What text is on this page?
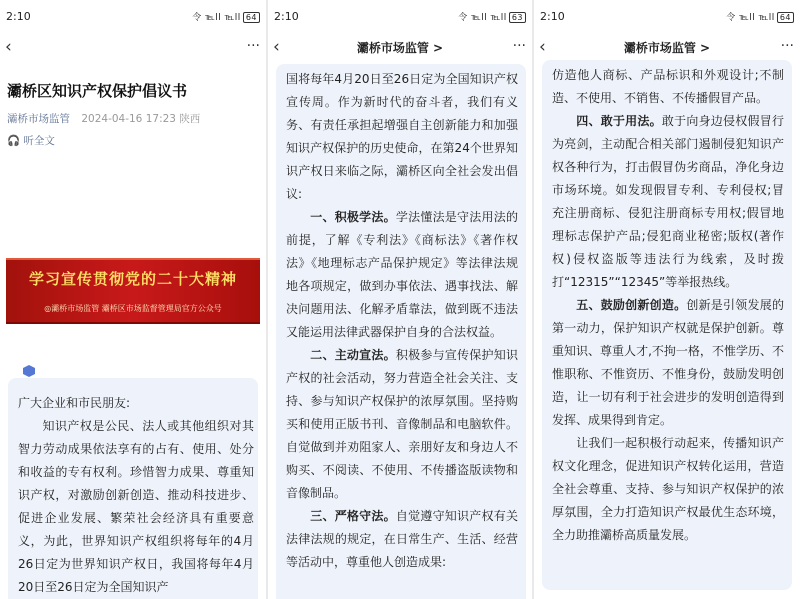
2:10	令 ℡ll ℡ll 64
‹	···
灞桥区知识产权保护倡议书
灞桥市场监管 2024-04-16 17:23 陕西
🎧 听全文
学习宣传贯彻党的二十大精神
◎灞桥市场监管 灞桥区市场监督管理局官方公众号
广大企业和市民朋友:
知识产权是公民、法人或其他组织对其智力劳动成果依法享有的占有、使用、处分和收益的专有权利。珍惜智力成果、尊重知识产权，对激励创新创造、推动科技进步、促进企业发展、繁荣社会经济具有重要意义，为此，世界知识产权组织将每年的4月26日定为世界知识产权日，我国将每年4月20日至26日定为全国知识产
2:10	令 ℡ll ℡ll 63
‹	灞桥市场监管 >	···
国将每年4月20日至26日定为全国知识产权宣传周。作为新时代的奋斗者，我们有义务、有责任承担起增强自主创新能力和加强知识产权保护的历史使命，在第24个世界知识产权日来临之际，灞桥区向全社会发出倡议:
一、积极学法。学法懂法是守法用法的前提，了解《专利法》《商标法》《著作权法》《地理标志产品保护规定》等法律法规地各项规定，做到办事依法、遇事找法、解决问题用法、化解矛盾靠法，做到既不违法又能运用法律武器保护自身的合法权益。
二、主动宣法。积极参与宣传保护知识产权的社会活动，努力营造全社会关注、支持、参与知识产权保护的浓厚氛围。坚持购买和使用正版书刊、音像制品和电脑软件。自觉做到并劝阻家人、亲朋好友和身边人不购买、不阅读、不使用、不传播盗版读物和音像制品。
三、严格守法。自觉遵守知识产权有关法律法规的规定，在日常生产、生活、经营等活动中，尊重他人创造成果:
2:10	令 ℡ll ℡ll 64
‹	灞桥市场监管 >	···
仿造他人商标、产品标识和外观设计;不制造、不使用、不销售、不传播假冒产品。
四、敢于用法。敢于向身边侵权假冒行为亮剑，主动配合相关部门遏制侵犯知识产权各种行为，打击假冒伪劣商品，净化身边市场环境。如发现假冒专利、专利侵权;冒充注册商标、侵犯注册商标专用权;假冒地理标志保护产品;侵犯商业秘密;版权(著作权)侵权盗版等违法行为线索，及时拨打“12315”“12345”等举报热线。
五、鼓励创新创造。创新是引领发展的第一动力，保护知识产权就是保护创新。尊重知识、尊重人才,不拘一格，不惟学历、不惟职称、不惟资历、不惟身份，鼓励发明创造，让一切有利于社会进步的发明创造得到发挥、成果得到肯定。
让我们一起积极行动起来，传播知识产权文化理念，促进知识产权转化运用，营造全社会尊重、支持、参与知识产权保护的浓厚氛围，全力打造知识产权最优生态环境，全力助推灞桥高质量发展。
